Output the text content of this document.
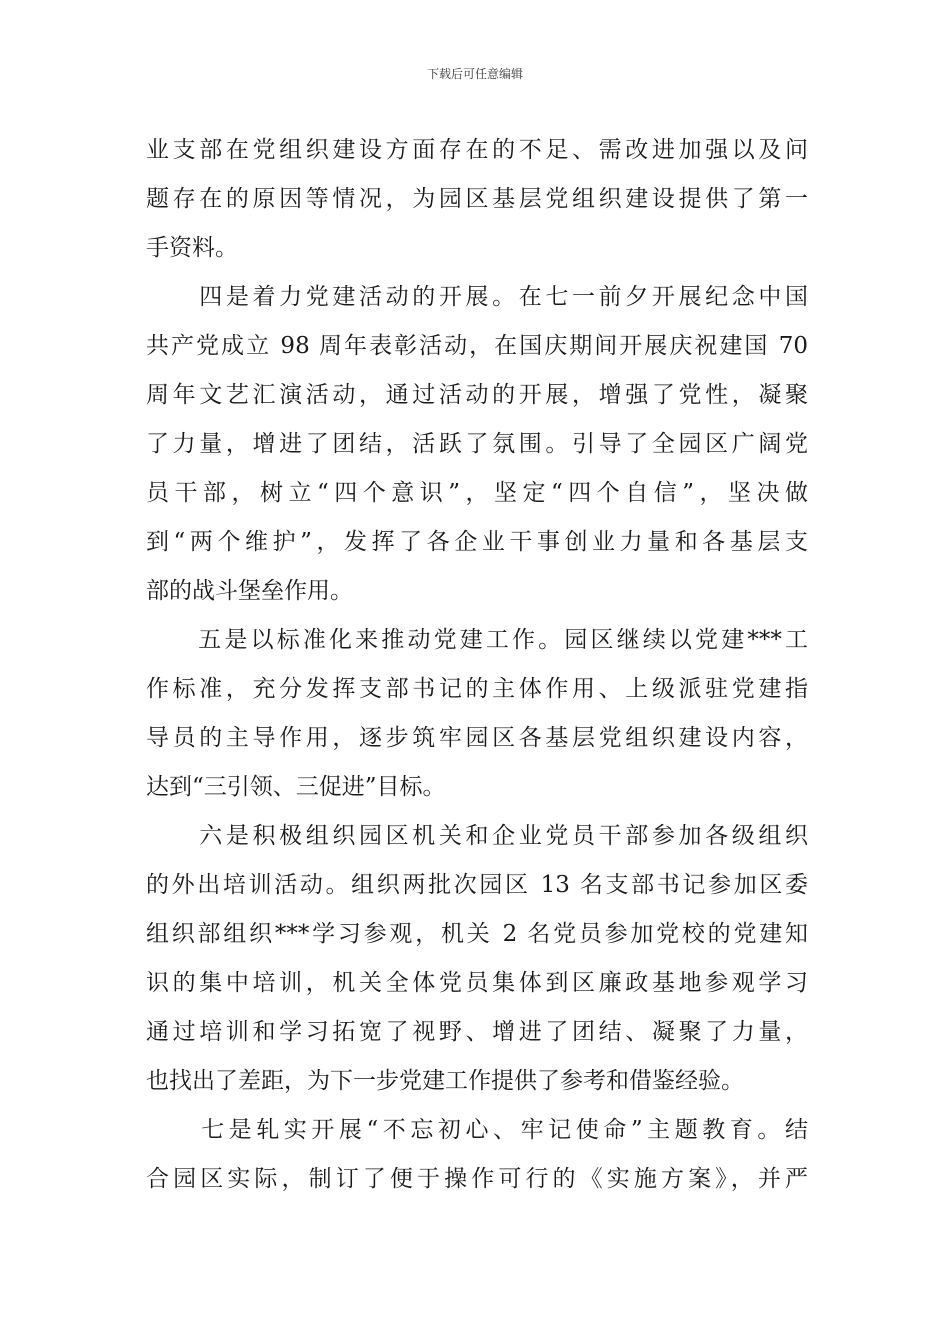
下载后可任意编辑
业支部在党组织建设方面存在的不足、需改进加强以及问
题存在的原因等情况，为园区基层党组织建设提供了第一
手资料。
　　四是着力党建活动的开展。在七一前夕开展纪念中国
共产党成立 98 周年表彰活动，在国庆期间开展庆祝建国 70
周年文艺汇演活动，通过活动的开展，增强了党性，凝聚
了力量，增进了团结，活跃了氛围。引导了全园区广阔党
员干部，树立“四个意识”，坚定“四个自信”，坚决做
到“两个维护”，发挥了各企业干事创业力量和各基层支
部的战斗堡垒作用。
　　五是以标准化来推动党建工作。园区继续以党建***工
作标准，充分发挥支部书记的主体作用、上级派驻党建指
导员的主导作用，逐步筑牢园区各基层党组织建设内容，
达到“三引领、三促进”目标。
　　六是积极组织园区机关和企业党员干部参加各级组织
的外出培训活动。组织两批次园区 13 名支部书记参加区委
组织部组织***学习参观，机关 2 名党员参加党校的党建知
识的集中培训，机关全体党员集体到区廉政基地参观学习
通过培训和学习拓宽了视野、增进了团结、凝聚了力量，
也找出了差距，为下一步党建工作提供了参考和借鉴经验。
　　七是轧实开展“不忘初心、牢记使命”主题教育。结
合园区实际，制订了便于操作可行的《实施方案》，并严
